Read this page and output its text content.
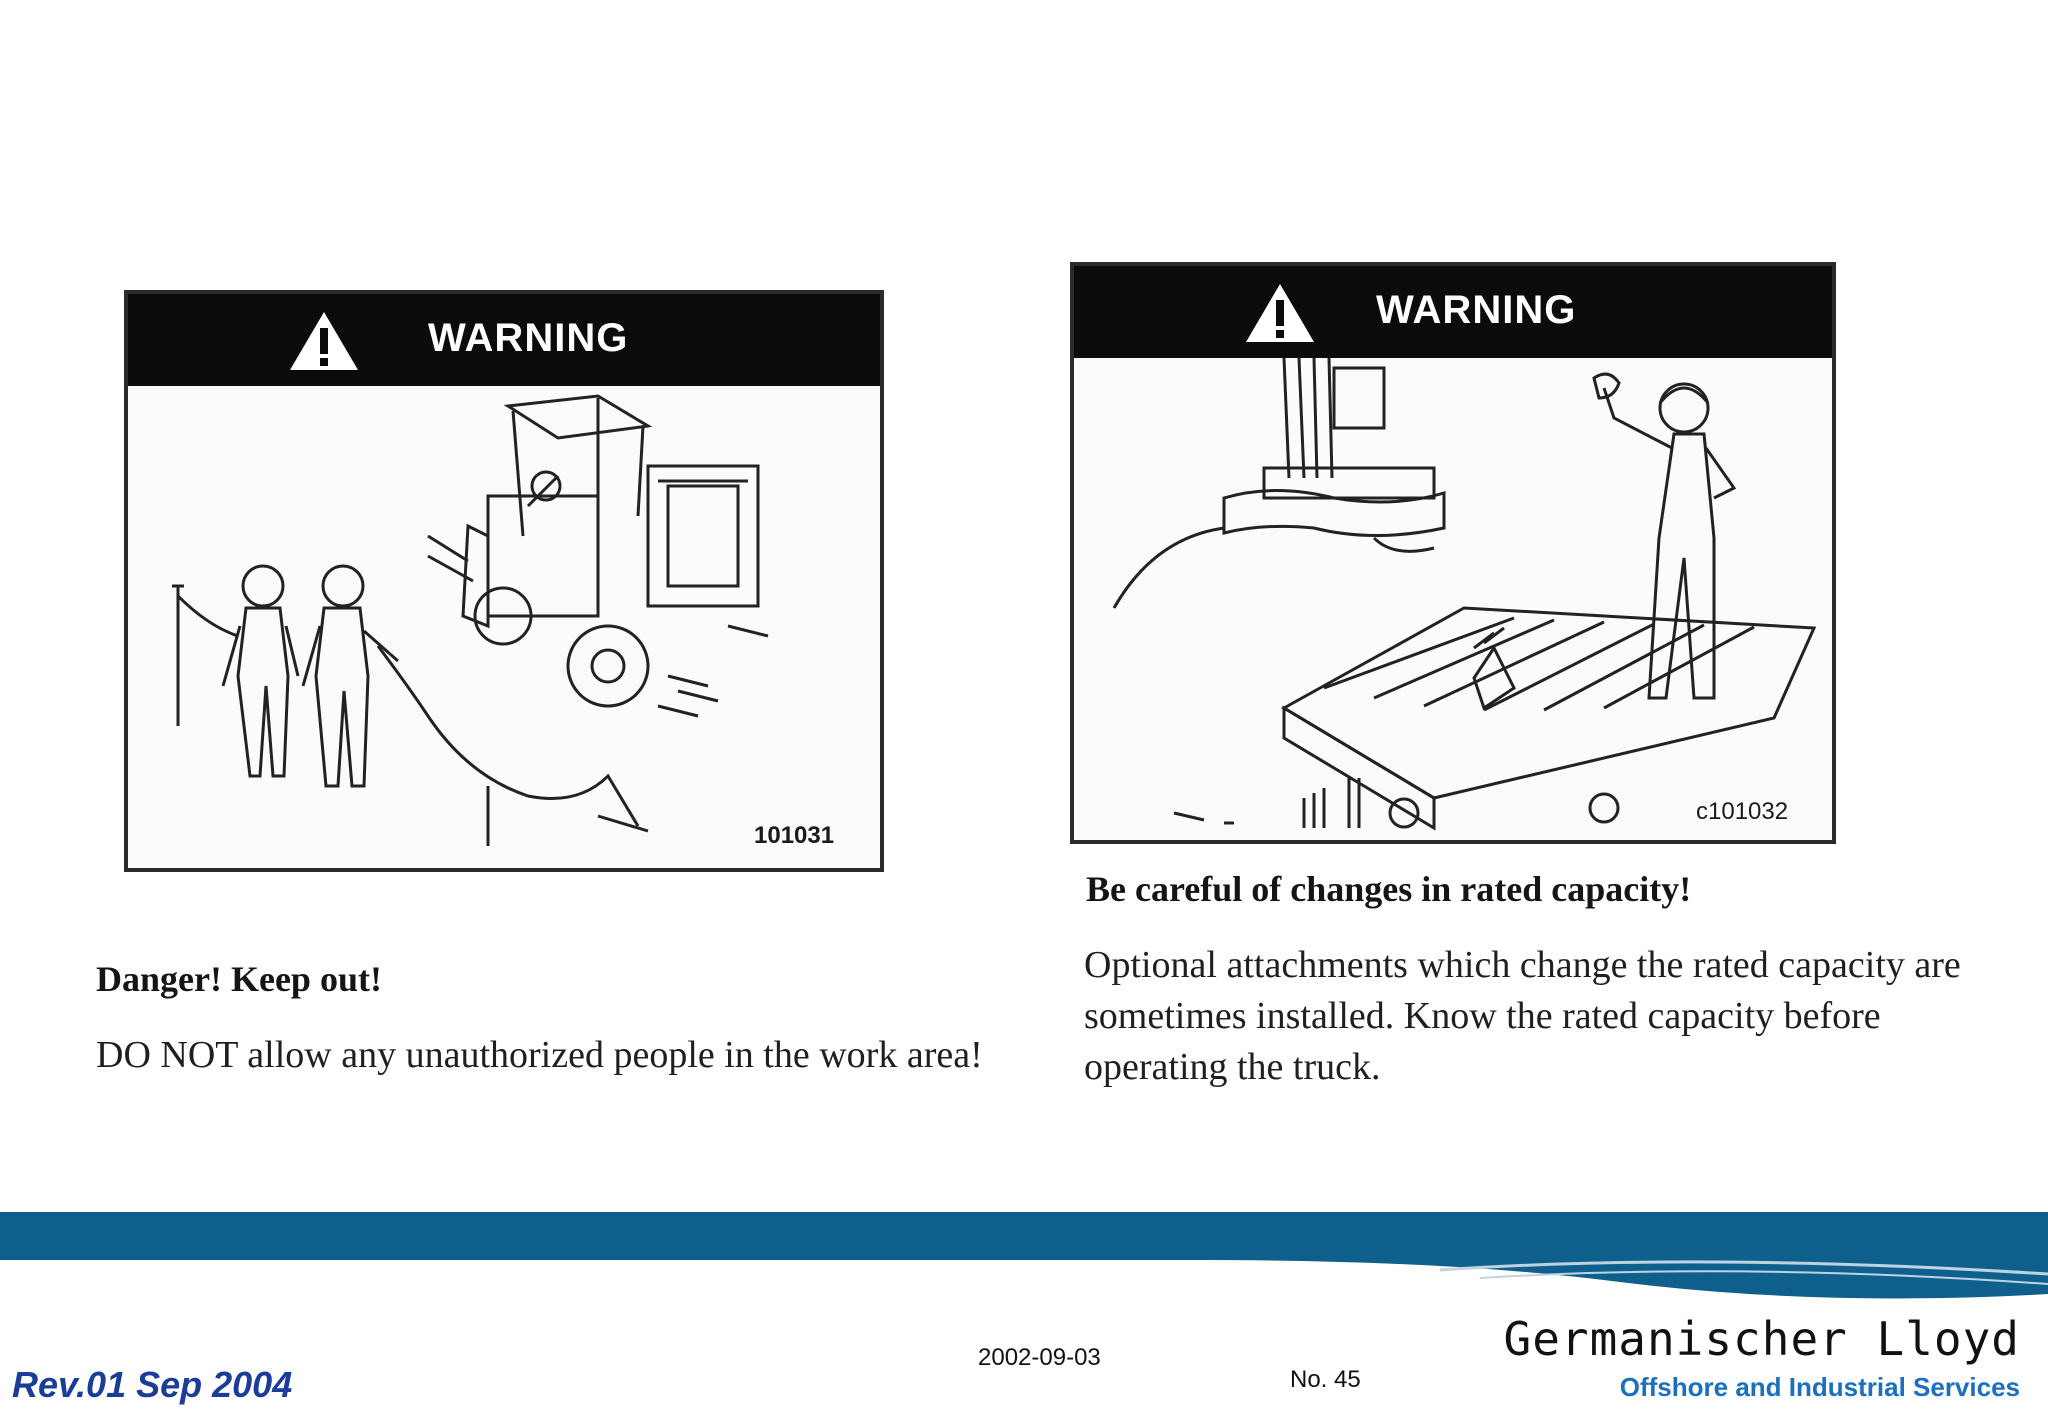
WARNING
101031
Danger! Keep out!
DO NOT allow any unauthorized people in the work area!
WARNING
c101032
Be careful of changes in rated capacity!
Optional attachments which change the rated capacity are sometimes installed. Know the rated capacity before operating the truck.
Rev.01 Sep 2004
2002-09-03
No. 45
Germanischer Lloyd
Offshore and Industrial Services
